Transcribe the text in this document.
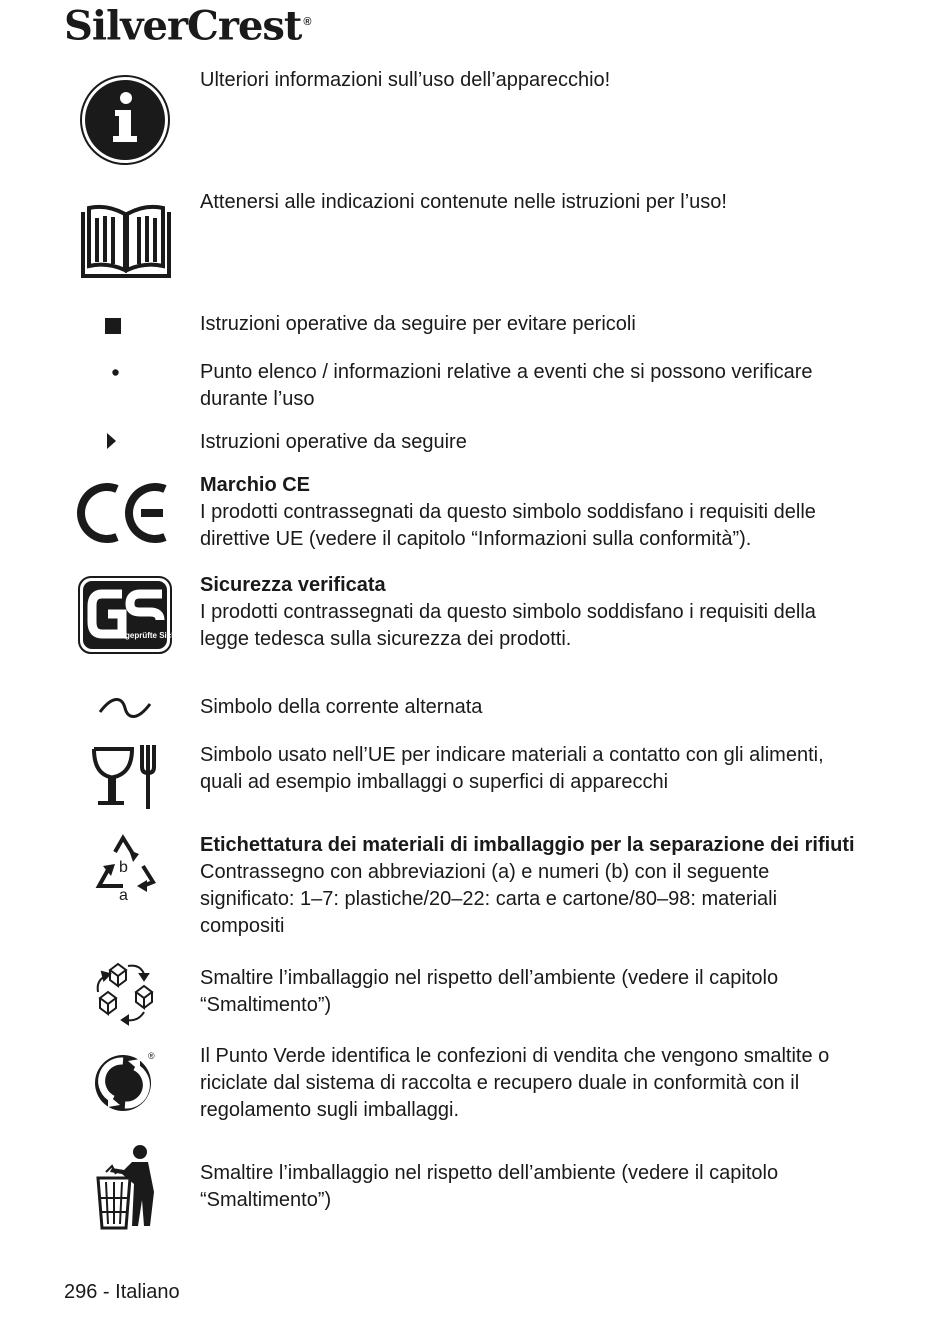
SilverCrest ®
Ulteriori informazioni sull’uso dell’apparecchio!
Attenersi alle indicazioni contenute nelle istruzioni per l’uso!
Istruzioni operative da seguire per evitare pericoli
Punto elenco / informazioni relative a eventi che si possono verificare durante l’uso
Istruzioni operative da seguire
Marchio CE
I prodotti contrassegnati da questo simbolo soddisfano i requisiti delle direttive UE (vedere il capitolo “Informazioni sulla conformità”).
geprüfte Sicherheit
Sicurezza verificata
I prodotti contrassegnati da questo simbolo soddisfano i requisiti della legge tedesca sulla sicurezza dei prodotti.
Simbolo della corrente alternata
Simbolo usato nell’UE per indicare materiali a contatto con gli alimenti, quali ad esempio imballaggi o superfici di apparecchi
b
a
Etichettatura dei materiali di imballaggio per la separazione dei rifiuti
Contrassegno con abbreviazioni (a) e numeri (b) con il seguente significato: 1–7: plastiche/20–22: carta e cartone/80–98: materiali compositi
Smaltire l’imballaggio nel rispetto dell’ambiente (vedere il capitolo “Smaltimento”)
® Il Punto Verde identifica le confezioni di vendita che vengono smaltite o riciclate dal sistema di raccolta e recupero duale in conformità con il regolamento sugli imballaggi.
Smaltire l’imballaggio nel rispetto dell’ambiente (vedere il capitolo “Smaltimento”)
296 - Italiano
